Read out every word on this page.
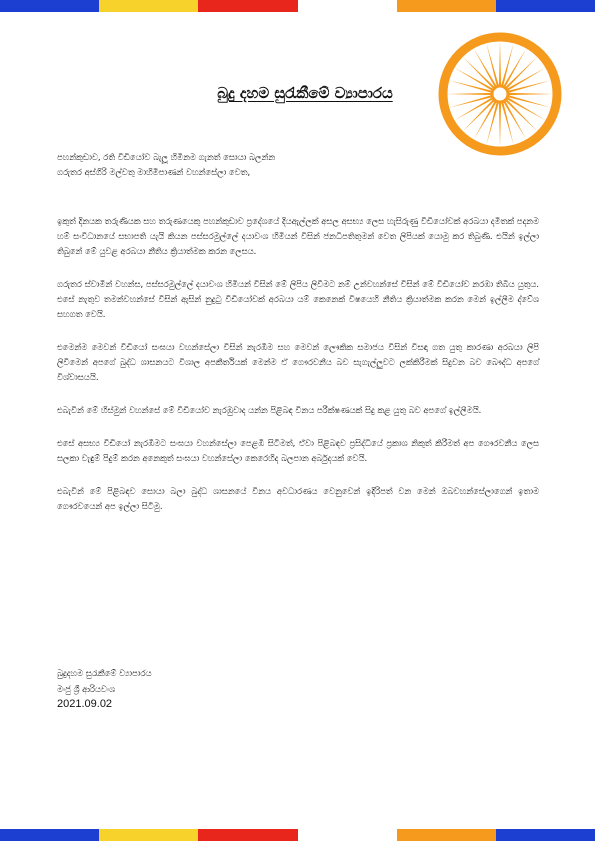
බුදු දහම සුරැකීමේ ව්‍යාපාරය

පහන්කුඩාව, රති වීඩියෝව බැලූ හිමිනම ගැනත් සොයා බලන්න

ගරුතර අස්ගිරි මල්වතු මාහිමිපාණන් වහන්සේලා වෙත,

ඉකුත් දිනයක තරුණියක සහ තරුණයෙකු පහන්කුඩාව ප්‍රදේශයේ දියඇල්ලක් අසල අසභ්‍ය ලෙස හැසිරුණු වීඩියෝවක් අරබයා දමිතක් පදනම හම් සංවිධානයේ සභාපති යැයි කියන පස්සරමුල්ලේ දයාවංශ හිමියන් විසින් ජනධිපතිතුමන් වෙත ලිපියක් යොමු කර තිබුණි. එයින් ඉල්ලා තිබුනේ මේ යුවළ අරබයා නීතිය ක්‍රියාත්මක කරන ලෙසය.

ගරුතර ස්වාමීන් වහන්ස, පස්සරමුල්ලේ දයාවංශ හිමියන් විසින් මේ ලිපිය ලිවීමට නම් උන්වහන්සේ විසින් මේ වීඩියෝව නරඹා තිබිය යුතුය. එසේ නැතුව තමන්වහන්සේ විසින් ඇසින් නුදුටු වීඩියෝවක් අරබයා යම් කෙනෙක් විෂයෙහි නීතිය ක්‍රියාත්මක කරන මෙන් ඉල්ලීම ද්වේශ සහගත වෙයි.

එමෙන්ම මෙවන් වීඩියෝ සංඝයා වහන්සේලා විසින් නැරඹීම සහ මෙවන් ලෞකික සමාජය විසින් විසඳා ගත යුතු කාරණා අරබයා ලිපි ලිවීමෙන් අපගේ බුද්ධ ශාසනයට විශාල අපකීර්තියක් මෙන්ම ඒ ගෞරවනීය බව සැගැල්ලුවට ලක්කිරීමක් සිදුවන බව බෞද්ධ අපගේ විශ්වාසයයි.

එබැවින් මේ හිස්මුන් වහන්සේ මේ වීඩියෝව නැරඹුවාද යන්න පිළිබඳ විනය පරීක්ෂණයක් සිදු කළ යුතු බව අපගේ ඉල්ලීමයි.

එසේ අසභ්‍ය වීඩියෝ නැරඹීමට සංඝයා වහන්සේලා පෙළඹී සිටීමත්, ඒවා පිළිබඳව ප්‍රසිද්ධියේ ප්‍රකාශ නිකුත් කිරීමත් අප ගෞරවනීය ලෙස සලකා වැඳුම් පිදුම් කරන අනෙකුත් සංඝයා වහන්සේලා කෙරෙහිද බලපාන අර්බුදයක් වෙයි.

එබැවින් මේ පිළිබඳව සොයා බලා බුද්ධ ශාසනයේ විනය අවධාරණය වෙනුවෙන් ඉදිරිපත් වන මෙන් ඔබවහන්සේලාගෙන් ඉතාම ගෞරවයෙන් අප ඉල්ලා සිටිමු.

බුදුදහම සුරැකීමේ ව්‍යාපාරය
මංජු ශ්‍රී ආරියවංශ
2021.09.02
